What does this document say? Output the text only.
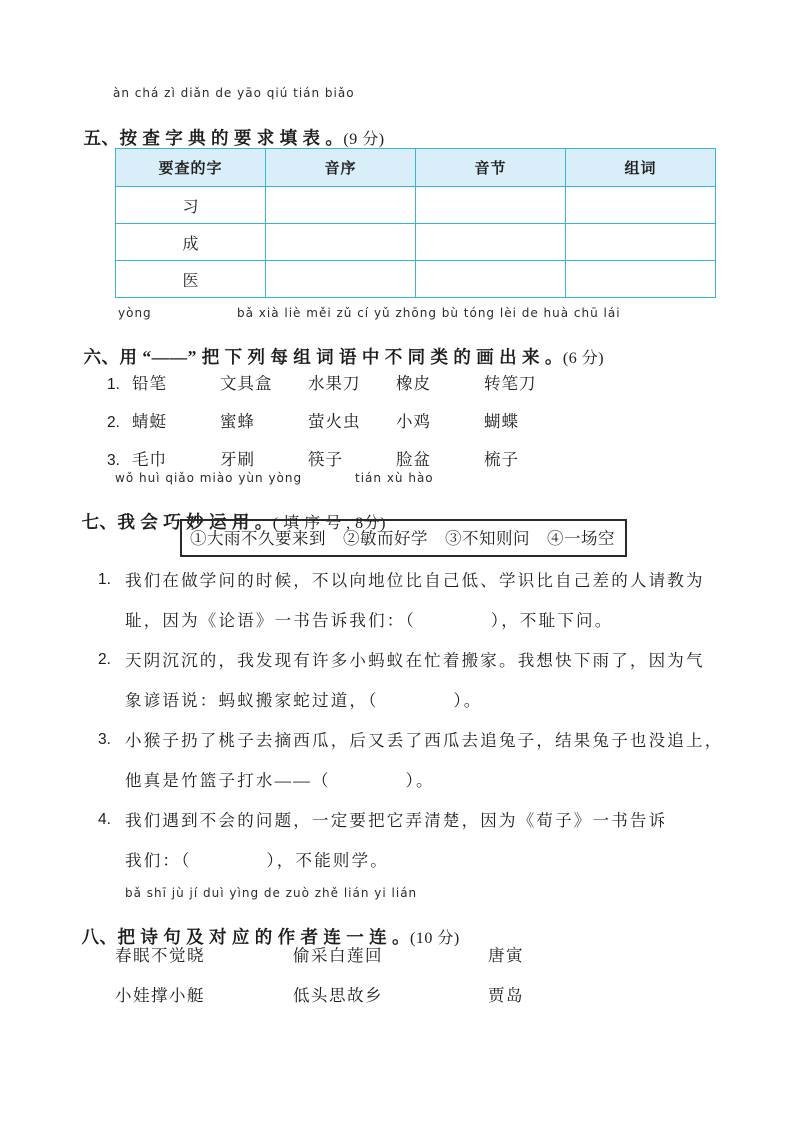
àn chá zì diǎn de yāo qiú tián biǎo

五、按 查 字 典 的 要 求 填 表 。(9 分)

要查的字	音序	音节	组词
习			
成			
医			
yòng	bǎ xià liè měi zǔ cí yǔ zhōng bù tóng lèi de huà chū lái

六、用 “——” 把 下 列 每 组 词 语 中 不 同 类 的 画 出 来 。(6 分)

1. 铅笔	文具盒	水果刀	橡皮	转笔刀
2. 蜻蜓	蜜蜂	萤火虫	小鸡	蝴蝶
3. 毛巾	牙刷	筷子	脸盆	梳子
wǒ huì qiǎo miào yùn yòng	tián xù hào

七、我 会 巧 妙 运 用 。( 填 序 号 , 8分)

①大雨不久要来到 ②敏而好学 ③不知则问 ④一场空
1. 我们在做学问的时候，不以向地位比自己低、学识比自己差的人请教为
耻，因为《论语》一书告诉我们：（　　　　），不耻下问。
2. 天阴沉沉的，我发现有许多小蚂蚁在忙着搬家。我想快下雨了，因为气
象谚语说：蚂蚁搬家蛇过道，（　　　　）。
3. 小猴子扔了桃子去摘西瓜，后又丢了西瓜去追兔子，结果兔子也没追上，
他真是竹篮子打水——（　　　　）。
4. 我们遇到不会的问题，一定要把它弄清楚，因为《荀子》一书告诉
我们：（　　　　），不能则学。
bǎ shī jù jí duì yìng de zuò zhě lián yi lián

八、把 诗 句 及 对 应 的 作 者 连 一 连 。(10 分)

春眠不觉晓	偷采白莲回	唐寅
小娃撑小艇	低头思故乡	贾岛
